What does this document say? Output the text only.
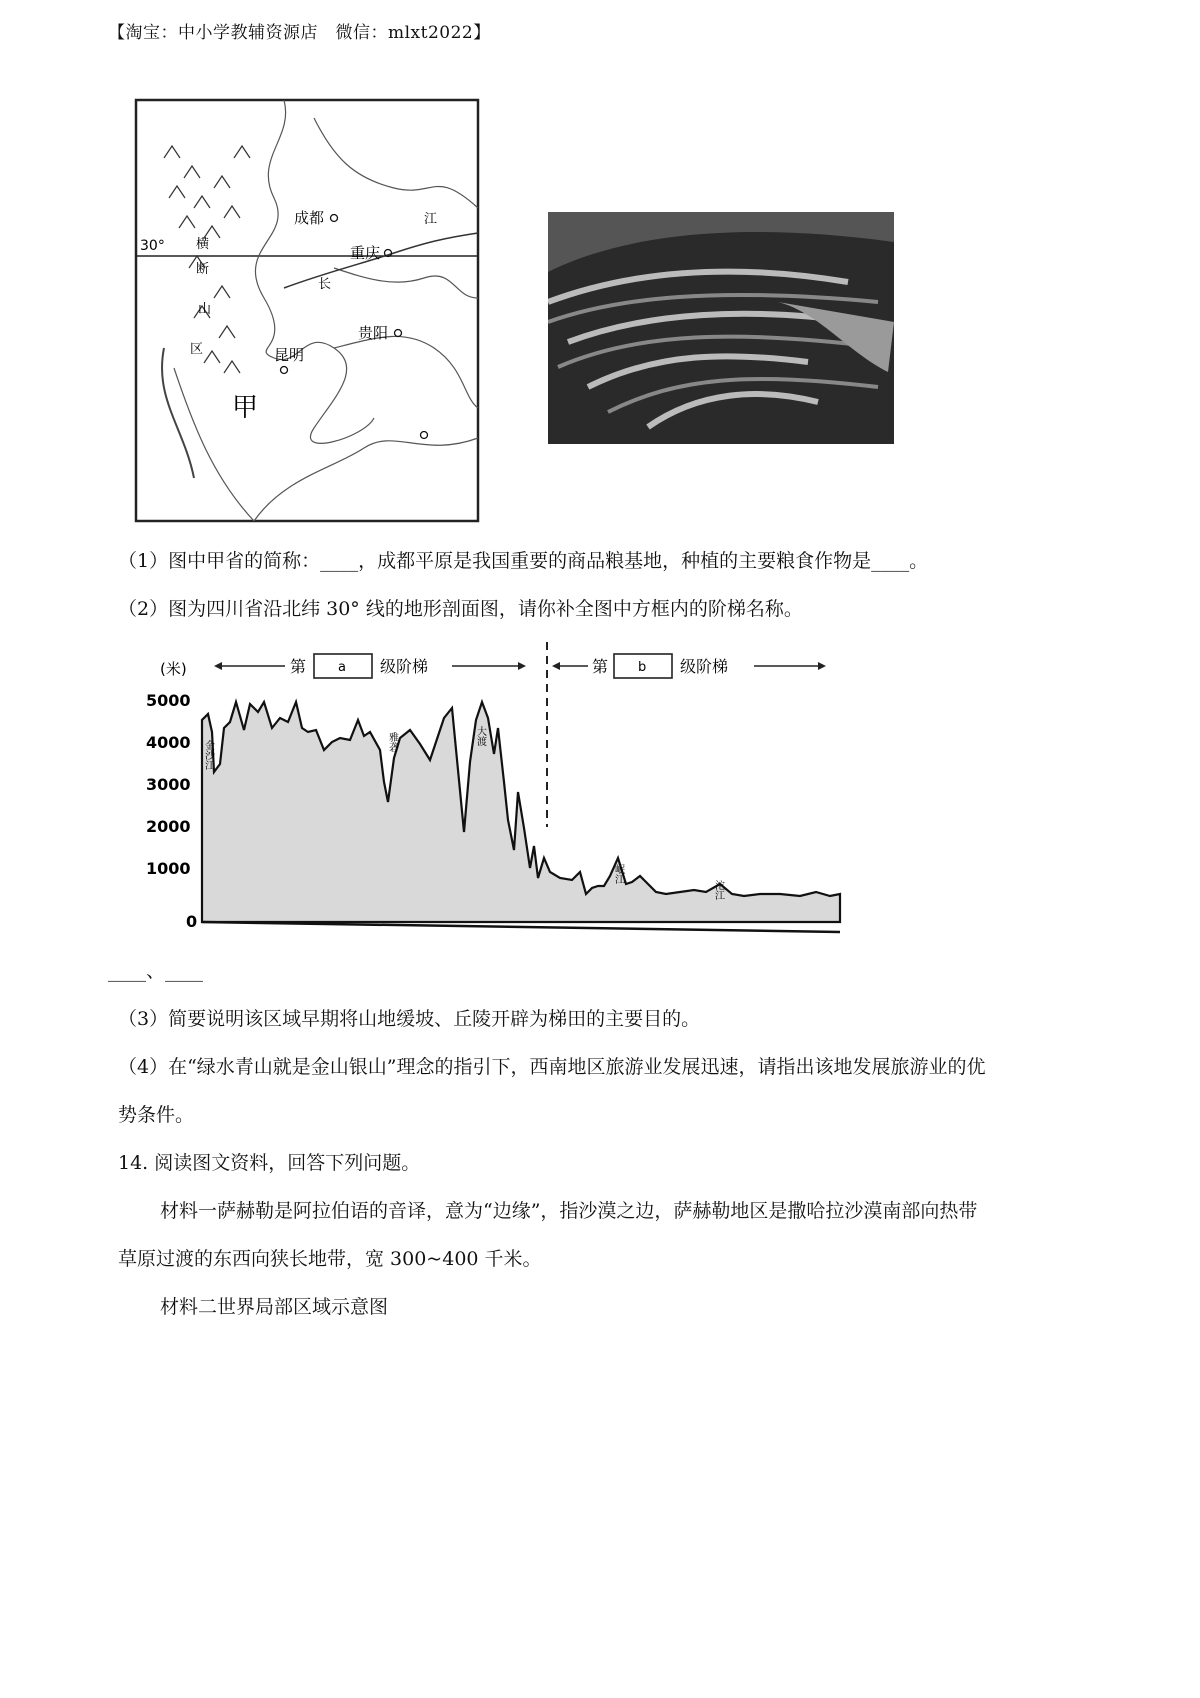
【淘宝：中小学教辅资源店　微信：mlxt2022】
30° 横
断
山
区
成都
重庆
贵阳
昆明
江
长
甲
（1）图中甲省的简称：____，成都平原是我国重要的商品粮基地，种植的主要粮食作物是____。
（2）图为四川省沿北纬 30° 线的地形剖面图，请你补全图中方框内的阶梯名称。
(米)
5000
4000
3000
2000
1000
0
第 a 级阶梯	第 b 级阶梯
金沙江	雅砻	大渡
岷江
沱江
____、____
（3）简要说明该区域早期将山地缓坡、丘陵开辟为梯田的主要目的。
（4）在“绿水青山就是金山银山”理念的指引下，西南地区旅游业发展迅速，请指出该地发展旅游业的优
势条件。
14. 阅读图文资料，回答下列问题。
材料一萨赫勒是阿拉伯语的音译，意为“边缘”，指沙漠之边，萨赫勒地区是撒哈拉沙漠南部向热带
草原过渡的东西向狭长地带，宽 300~400 千米。
材料二世界局部区域示意图
